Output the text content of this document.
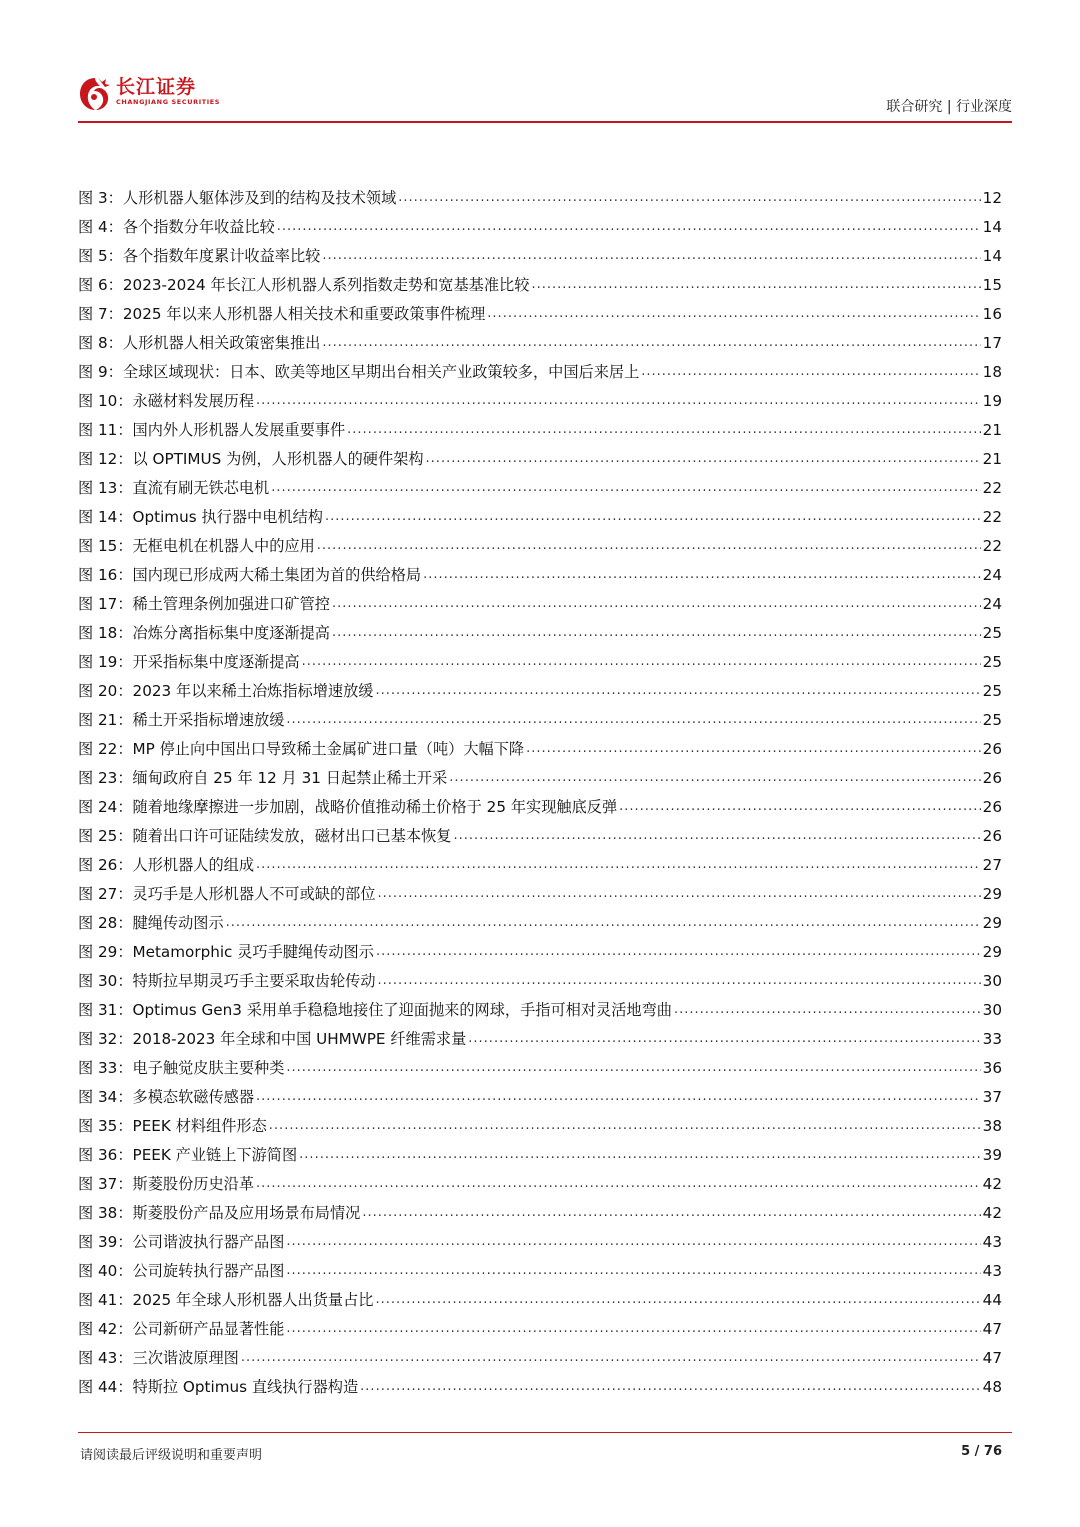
长江证券
CHANGJIANG SECURITIES	联合研究 | 行业深度
图 3： 人形机器人躯体涉及到的结构及技术领域 .....	12
图 4： 各个指数分年收益比较 .....	14
图 5： 各个指数年度累计收益率比较 .....	14
图 6： 2023-2024 年长江人形机器人系列指数走势和宽基基准比较 .....	15
图 7： 2025 年以来人形机器人相关技术和重要政策事件梳理 .....	16
图 8： 人形机器人相关政策密集推出 .....	17
图 9： 全球区域现状：日本、欧美等地区早期出台相关产业政策较多，中国后来居上 .....	18
图 10： 永磁材料发展历程 .....	19
图 11： 国内外人形机器人发展重要事件 .....	21
图 12： 以 OPTIMUS 为例，人形机器人的硬件架构 .....	21
图 13： 直流有刷无铁芯电机 .....	22
图 14： Optimus 执行器中电机结构 .....	22
图 15： 无框电机在机器人中的应用 .....	22
图 16： 国内现已形成两大稀土集团为首的供给格局 .....	24
图 17： 稀土管理条例加强进口矿管控 .....	24
图 18： 冶炼分离指标集中度逐渐提高 .....	25
图 19： 开采指标集中度逐渐提高 .....	25
图 20： 2023 年以来稀土冶炼指标增速放缓 .....	25
图 21： 稀土开采指标增速放缓 .....	25
图 22： MP 停止向中国出口导致稀土金属矿进口量（吨）大幅下降 .....	26
图 23： 缅甸政府自 25 年 12 月 31 日起禁止稀土开采 .....	26
图 24： 随着地缘摩擦进一步加剧，战略价值推动稀土价格于 25 年实现触底反弹 .....	26
图 25： 随着出口许可证陆续发放，磁材出口已基本恢复 .....	26
图 26： 人形机器人的组成 .....	27
图 27： 灵巧手是人形机器人不可或缺的部位 .....	29
图 28： 腱绳传动图示 .....	29
图 29： Metamorphic 灵巧手腱绳传动图示 .....	29
图 30： 特斯拉早期灵巧手主要采取齿轮传动 .....	30
图 31： Optimus Gen3 采用单手稳稳地接住了迎面抛来的网球，手指可相对灵活地弯曲 .....	30
图 32： 2018-2023 年全球和中国 UHMWPE 纤维需求量 .....	33
图 33： 电子触觉皮肤主要种类 .....	36
图 34： 多模态软磁传感器 .....	37
图 35： PEEK 材料组件形态 .....	38
图 36： PEEK 产业链上下游简图 .....	39
图 37： 斯菱股份历史沿革 .....	42
图 38： 斯菱股份产品及应用场景布局情况 .....	42
图 39： 公司谐波执行器产品图 .....	43
图 40： 公司旋转执行器产品图 .....	43
图 41： 2025 年全球人形机器人出货量占比 .....	44
图 42： 公司新研产品显著性能 .....	47
图 43： 三次谐波原理图 .....	47
图 44： 特斯拉 Optimus 直线执行器构造 .....	48
请阅读最后评级说明和重要声明	5 / 76
